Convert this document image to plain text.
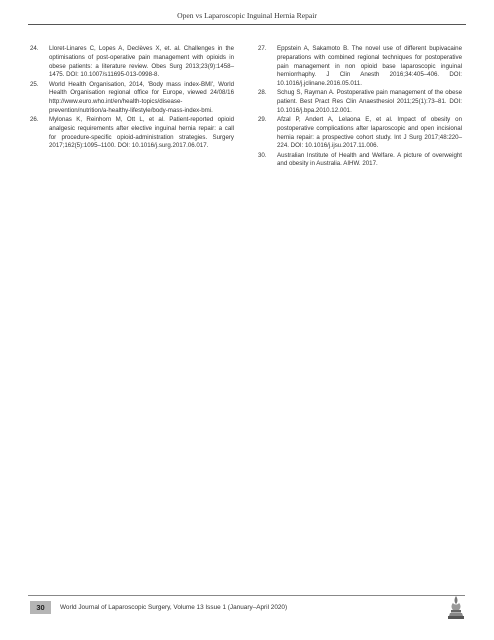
Open vs Laparoscopic Inguinal Hernia Repair
24. Lloret-Linares C, Lopes A, Declèves X, et. al. Challenges in the optimisations of post-operative pain management with opioids in obese patients: a literature review. Obes Surg 2013;23(9):1458–1475. DOI: 10.1007/s11695-013-0998-8.
25. World Health Organisation, 2014, 'Body mass index-BMI', World Health Organisation regional office for Europe, viewed 24/08/16 http://www.euro.who.int/en/health-topics/disease-prevention/nutrition/a-healthy-lifestyle/body-mass-index-bmi.
26. Mylonas K, Reinhorn M, Ott L, et al. Patient-reported opioid analgesic requirements after elective inguinal hernia repair: a call for procedure-specific opioid-administration strategies. Surgery 2017;162(5):1095–1100. DOI: 10.1016/j.surg.2017.06.017.
27. Eppstein A, Sakamoto B. The novel use of different bupivacaine preparations with combined regional techniques for postoperative pain management in non opioid base laparoscopic inguinal herniorrhaphy. J Clin Anesth 2016;34:405–406. DOI: 10.1016/j.jclinane.2016.05.011.
28. Schug S, Rayman A. Postoperative pain management of the obese patient. Best Pract Res Clin Anaesthesiol 2011;25(1):73–81. DOI: 10.1016/j.bpa.2010.12.001.
29. Afzal P, Andert A, Lelaona E, et al. Impact of obesity on postoperative complications after laparoscopic and open incisional hernia repair: a prospective cohort study. Int J Surg 2017;48:220–224. DOI: 10.1016/j.ijsu.2017.11.006.
30. Australian Institute of Health and Welfare. A picture of overweight and obesity in Australia. AIHW. 2017.
30	World Journal of Laparoscopic Surgery, Volume 13 Issue 1 (January–April 2020)
